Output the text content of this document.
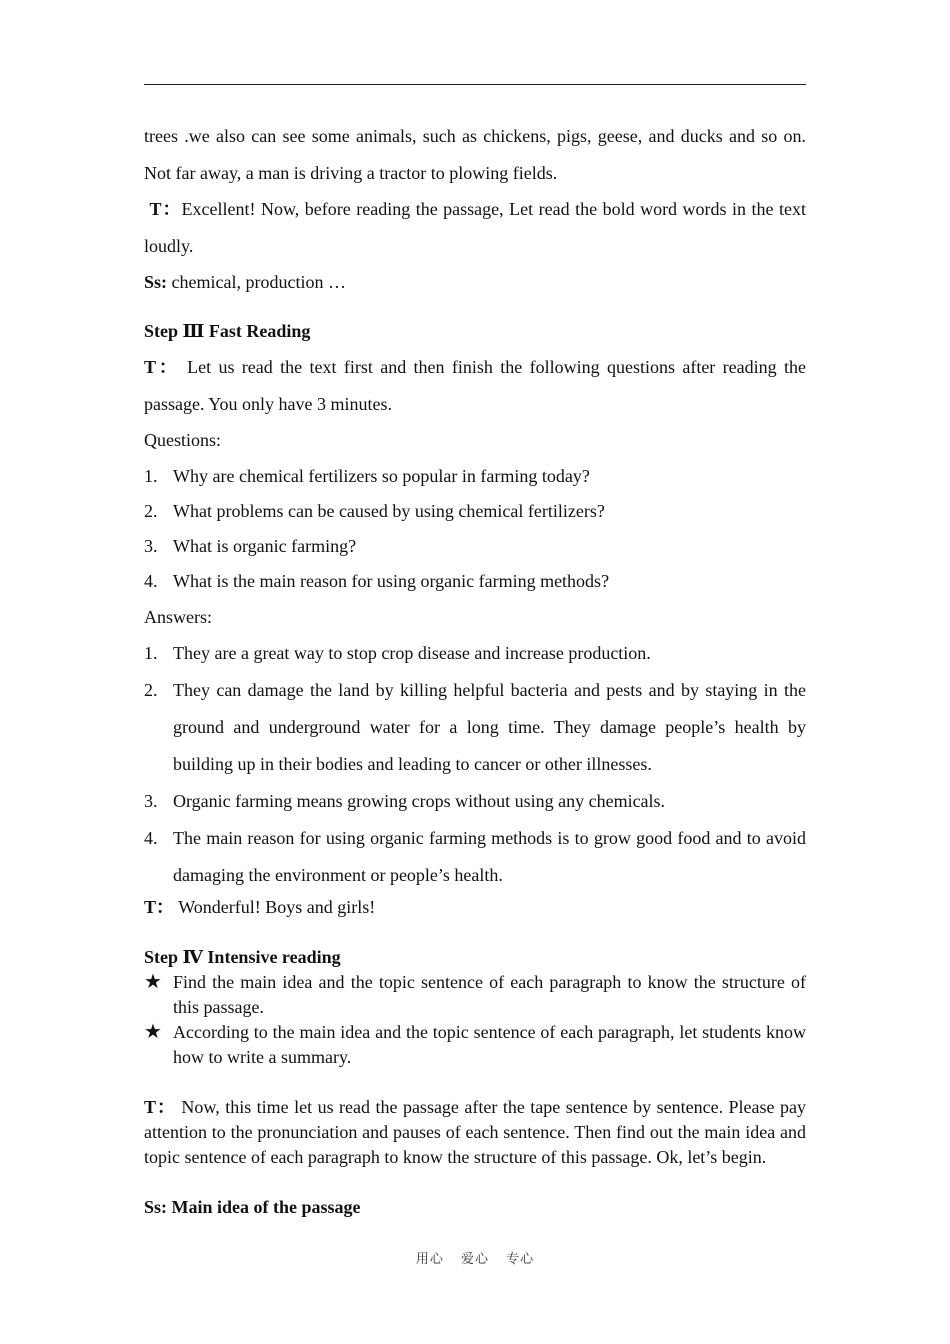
trees .we also can see some animals, such as chickens, pigs, geese, and ducks and so on. Not far away, a man is driving a tractor to plowing fields.
T：Excellent! Now, before reading the passage, Let read the bold word words in the text loudly.
Ss: chemical, production …
Step Ⅲ Fast Reading
T： Let us read the text first and then finish the following questions after reading the passage. You only have 3 minutes.
Questions:
1. Why are chemical fertilizers so popular in farming today?
2. What problems can be caused by using chemical fertilizers?
3. What is organic farming?
4. What is the main reason for using organic farming methods?
Answers:
1. They are a great way to stop crop disease and increase production.
2. They can damage the land by killing helpful bacteria and pests and by staying in the ground and underground water for a long time. They damage people’s health by building up in their bodies and leading to cancer or other illnesses.
3. Organic farming means growing crops without using any chemicals.
4. The main reason for using organic farming methods is to grow good food and to avoid damaging the environment or people’s health.
T： Wonderful! Boys and girls!
Step Ⅳ Intensive reading
★ Find the main idea and the topic sentence of each paragraph to know the structure of this passage.
★ According to the main idea and the topic sentence of each paragraph, let students know how to write a summary.
T： Now, this time let us read the passage after the tape sentence by sentence. Please pay attention to the pronunciation and pauses of each sentence. Then find out the main idea and topic sentence of each paragraph to know the structure of this passage. Ok, let’s begin.
Ss: Main idea of the passage
用心 爱心 专心
